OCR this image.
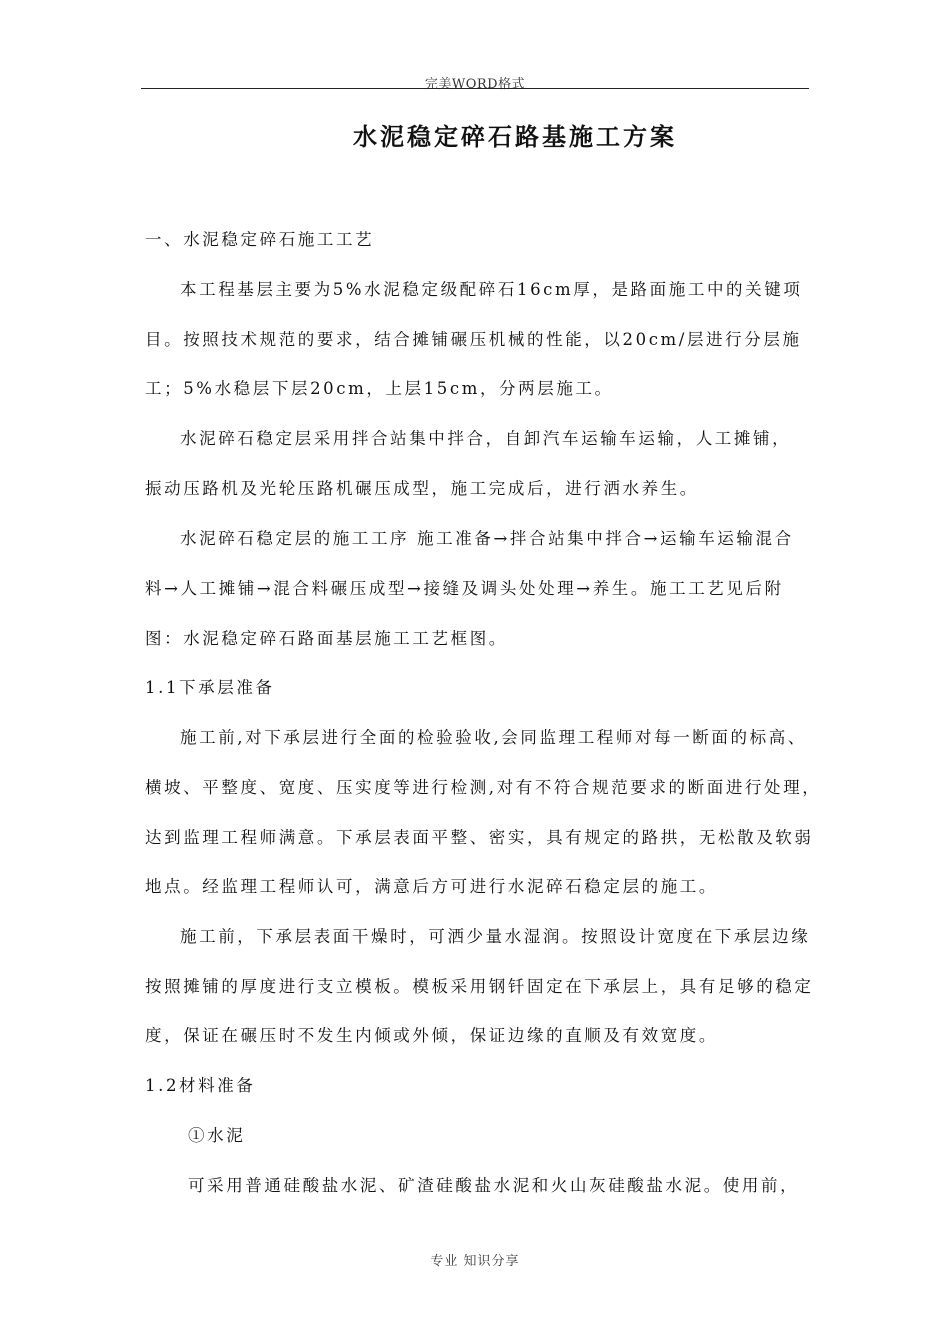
完美WORD格式
水泥稳定碎石路基施工方案
一、水泥稳定碎石施工工艺
本工程基层主要为5%水泥稳定级配碎石16cm厚，是路面施工中的关键项
目。按照技术规范的要求，结合摊铺碾压机械的性能，以20cm/层进行分层施
工；5%水稳层下层20cm，上层15cm，分两层施工。
水泥碎石稳定层采用拌合站集中拌合，自卸汽车运输车运输，人工摊铺，
振动压路机及光轮压路机碾压成型，施工完成后，进行洒水养生。
水泥碎石稳定层的施工工序 施工准备→拌合站集中拌合→运输车运输混合
料→人工摊铺→混合料碾压成型→接缝及调头处处理→养生。施工工艺见后附
图：水泥稳定碎石路面基层施工工艺框图。
1.1下承层准备
施工前,对下承层进行全面的检验验收,会同监理工程师对每一断面的标高、
横坡、平整度、宽度、压实度等进行检测,对有不符合规范要求的断面进行处理，
达到监理工程师满意。下承层表面平整、密实，具有规定的路拱，无松散及软弱
地点。经监理工程师认可，满意后方可进行水泥碎石稳定层的施工。
施工前，下承层表面干燥时，可洒少量水湿润。按照设计宽度在下承层边缘
按照摊铺的厚度进行支立模板。模板采用钢钎固定在下承层上，具有足够的稳定
度，保证在碾压时不发生内倾或外倾，保证边缘的直顺及有效宽度。
1.2材料准备
①水泥
可采用普通硅酸盐水泥、矿渣硅酸盐水泥和火山灰硅酸盐水泥。使用前，
专业 知识分享
